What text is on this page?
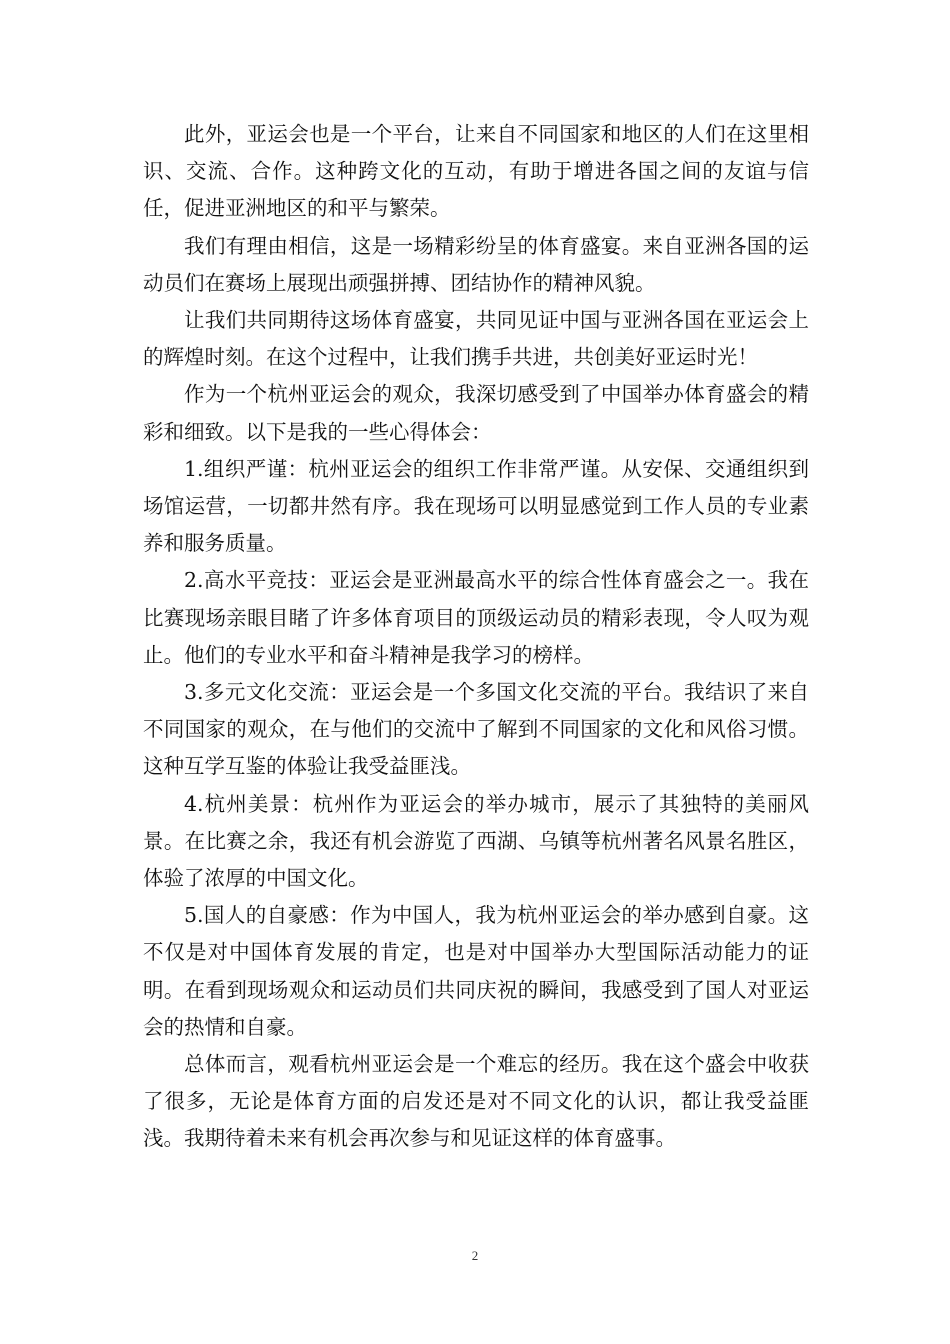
此外，亚运会也是一个平台，让来自不同国家和地区的人们在这里相识、交流、合作。这种跨文化的互动，有助于增进各国之间的友谊与信任，促进亚洲地区的和平与繁荣。

我们有理由相信，这是一场精彩纷呈的体育盛宴。来自亚洲各国的运动员们在赛场上展现出顽强拼搏、团结协作的精神风貌。

让我们共同期待这场体育盛宴，共同见证中国与亚洲各国在亚运会上的辉煌时刻。在这个过程中，让我们携手共进，共创美好亚运时光！

作为一个杭州亚运会的观众，我深切感受到了中国举办体育盛会的精彩和细致。以下是我的一些心得体会：

1.组织严谨：杭州亚运会的组织工作非常严谨。从安保、交通组织到场馆运营，一切都井然有序。我在现场可以明显感觉到工作人员的专业素养和服务质量。

2.高水平竞技：亚运会是亚洲最高水平的综合性体育盛会之一。我在比赛现场亲眼目睹了许多体育项目的顶级运动员的精彩表现，令人叹为观止。他们的专业水平和奋斗精神是我学习的榜样。

3.多元文化交流：亚运会是一个多国文化交流的平台。我结识了来自不同国家的观众，在与他们的交流中了解到不同国家的文化和风俗习惯。这种互学互鉴的体验让我受益匪浅。

4.杭州美景：杭州作为亚运会的举办城市，展示了其独特的美丽风景。在比赛之余，我还有机会游览了西湖、乌镇等杭州著名风景名胜区，体验了浓厚的中国文化。

5.国人的自豪感：作为中国人，我为杭州亚运会的举办感到自豪。这不仅是对中国体育发展的肯定，也是对中国举办大型国际活动能力的证明。在看到现场观众和运动员们共同庆祝的瞬间，我感受到了国人对亚运会的热情和自豪。

总体而言，观看杭州亚运会是一个难忘的经历。我在这个盛会中收获了很多，无论是体育方面的启发还是对不同文化的认识，都让我受益匪浅。我期待着未来有机会再次参与和见证这样的体育盛事。

2
